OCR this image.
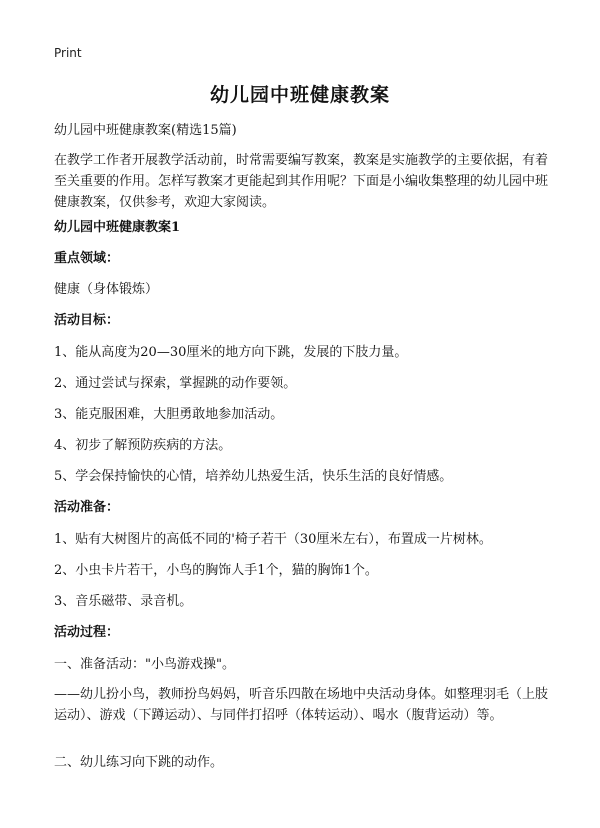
Print
幼儿园中班健康教案
幼儿园中班健康教案(精选15篇)
在教学工作者开展教学活动前，时常需要编写教案，教案是实施教学的主要依据，有着至关重要的作用。怎样写教案才更能起到其作用呢？下面是小编收集整理的幼儿园中班健康教案，仅供参考，欢迎大家阅读。
幼儿园中班健康教案1
重点领域：
健康（身体锻炼）
活动目标：
1、能从高度为20—30厘米的地方向下跳，发展的下肢力量。
2、通过尝试与探索，掌握跳的动作要领。
3、能克服困难，大胆勇敢地参加活动。
4、初步了解预防疾病的方法。
5、学会保持愉快的心情，培养幼儿热爱生活，快乐生活的良好情感。
活动准备：
1、贴有大树图片的高低不同的'椅子若干（30厘米左右），布置成一片树林。
2、小虫卡片若干，小鸟的胸饰人手1个，猫的胸饰1个。
3、音乐磁带、录音机。
活动过程：
一、准备活动："小鸟游戏操"。
——幼儿扮小鸟，教师扮鸟妈妈，听音乐四散在场地中央活动身体。如整理羽毛（上肢运动）、游戏（下蹲运动）、与同伴打招呼（体转运动）、喝水（腹背运动）等。
二、幼儿练习向下跳的动作。
